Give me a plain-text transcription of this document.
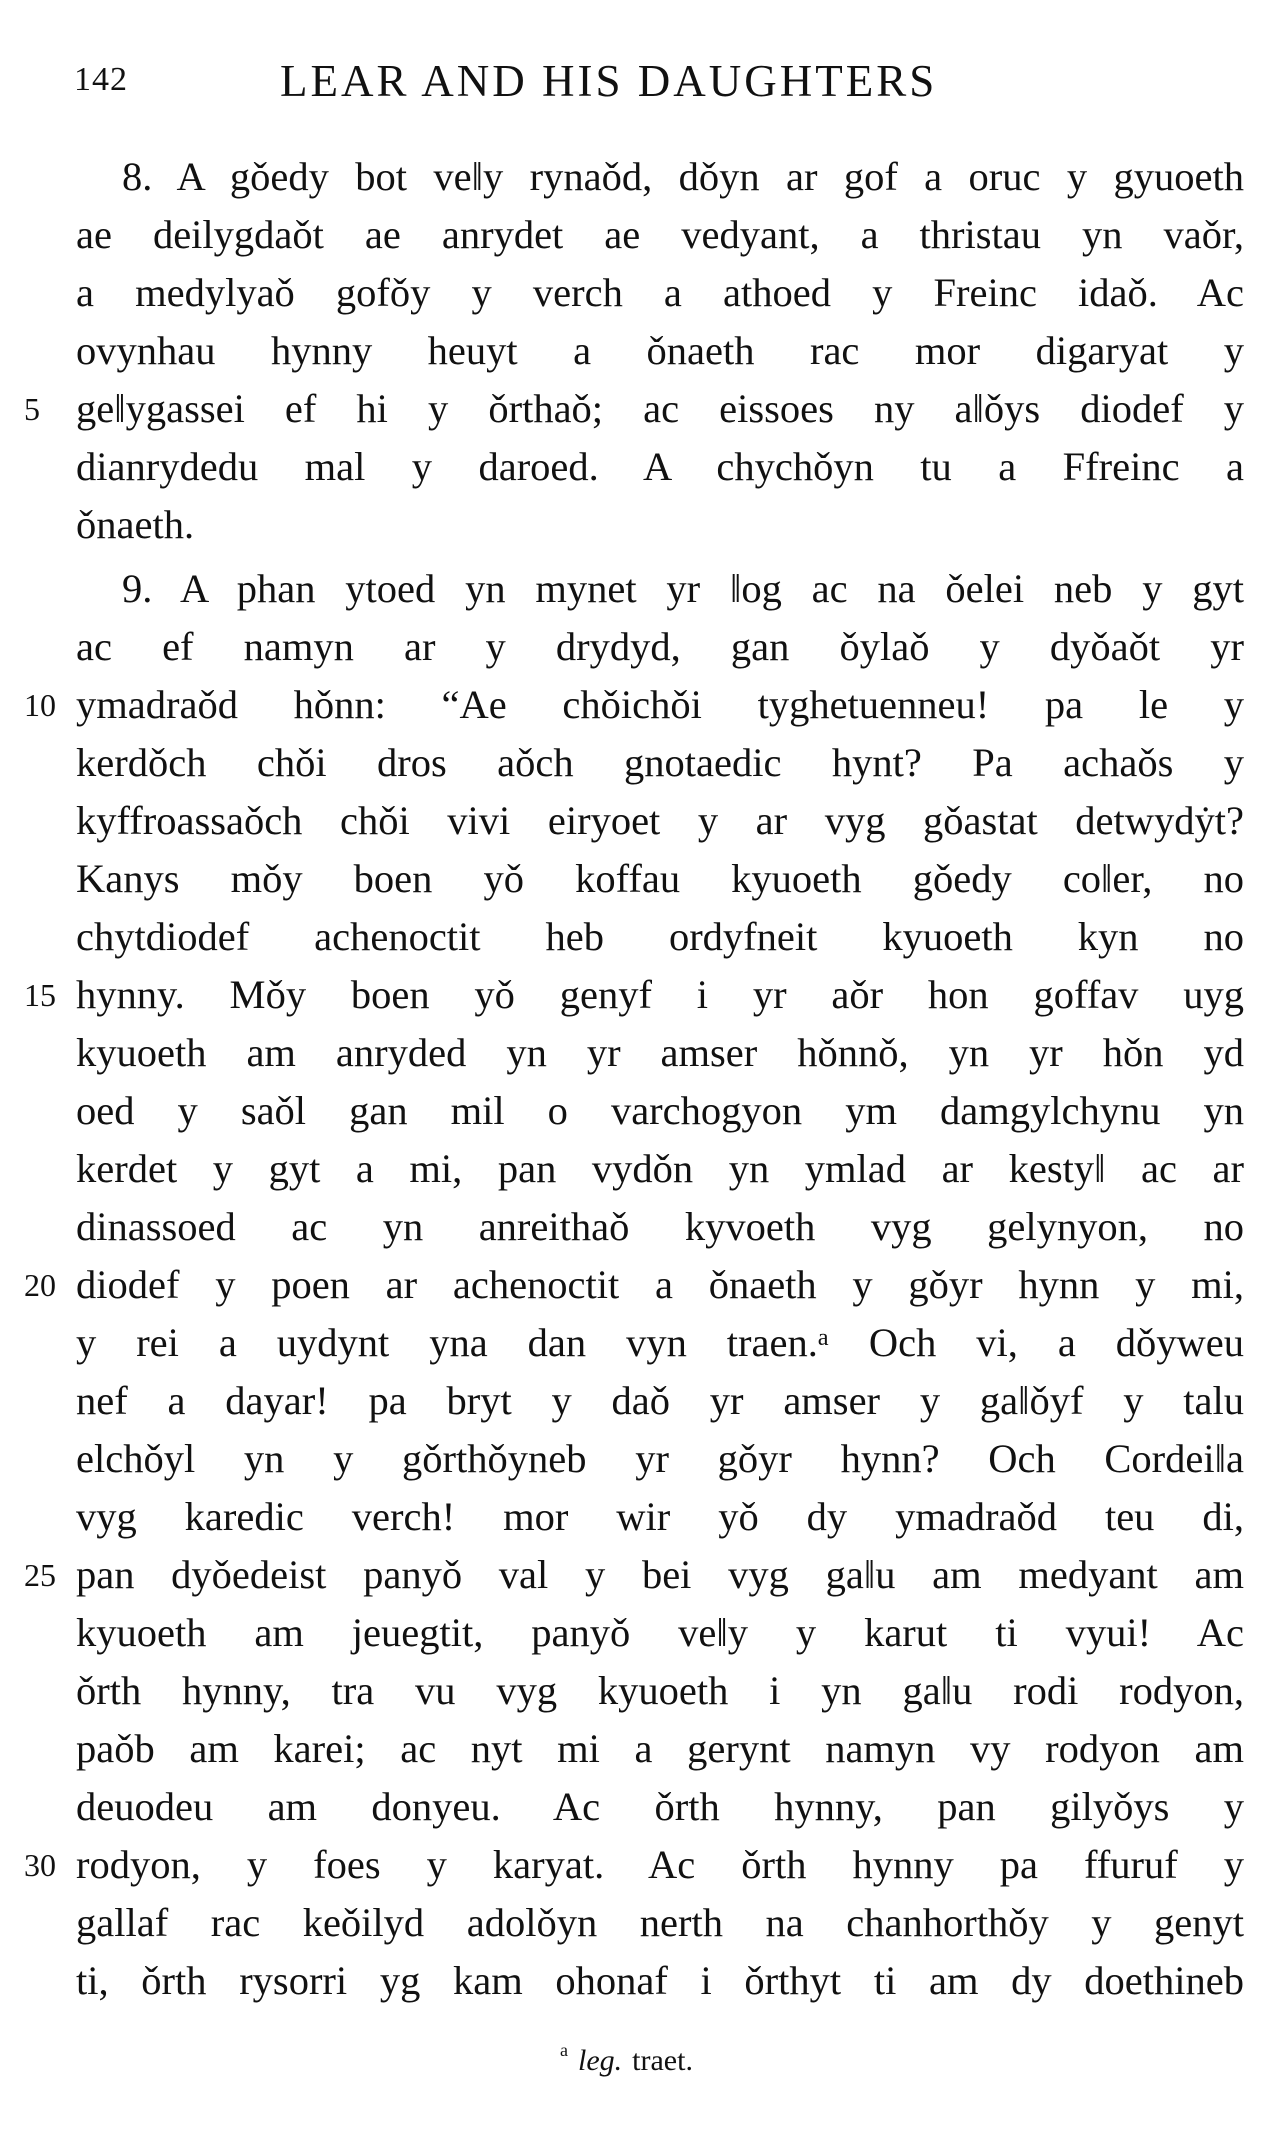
142	LEAR AND HIS DAUGHTERS
8. A gǒedy bot veǁy rynaǒd, dǒyn ar gof a oruc y gyuoeth
ae deilygdaǒt ae anrydet ae vedyant, a thristau yn vaǒr,
a medylyaǒ gofǒy y verch a athoed y Freinc idaǒ. Ac
ovynhau hynny heuyt a ǒnaeth rac mor digaryat y
geǁygassei ef hi y ǒrthaǒ; ac eissoes ny aǁǒys diodef y
dianrydedu mal y daroed. A chychǒyn tu a Ffreinc a
ǒnaeth.
9. A phan ytoed yn mynet yr ǁog ac na ǒelei neb y gyt
ac ef namyn ar y drydyd, gan ǒylaǒ y dyǒaǒt yr
ymadraǒd hǒnn: “Ae chǒichǒi tyghetuenneu! pa le y
kerdǒch chǒi dros aǒch gnotaedic hynt? Pa achaǒs y
kyffroassaǒch chǒi vivi eiryoet y ar vyg gǒastat detwydẏt?
Kanys mǒy boen yǒ koffau kyuoeth gǒedy coǁer, no
chytdiodef achenoctit heb ordyfneit kyuoeth kyn no
hynny. Mǒy boen yǒ genyf i yr aǒr hon goffav uyg
kyuoeth am anryded yn yr amser hǒnnǒ, yn yr hǒn yd
oed y saǒl gan mil o varchogyon ym damgylchynu yn
kerdet y gyt a mi, pan vydǒn yn ymlad ar kestyǁ ac ar
dinassoed ac yn anreithaǒ kyvoeth vyg gelynyon, no
diodef y poen ar achenoctit a ǒnaeth y gǒyr hynn y mi,
y rei a uydynt yna dan vyn traen.ᵃ Och vi, a dǒyweu
nef a dayar! pa bryt y daǒ yr amser y gaǁǒyf y talu
elchǒyl yn y gǒrthǒyneb yr gǒyr hynn? Och Cordeiǁa
vyg karedic verch! mor wir yǒ dy ymadraǒd teu di,
pan dyǒedeist panyǒ val y bei vyg gaǁu am medyant am
kyuoeth am jeuegtit, panyǒ veǁy y karut ti vyui! Ac
ǒrth hynny, tra vu vyg kyuoeth i yn gaǁu rodi rodyon,
paǒb am karei; ac nyt mi a gerynt namyn vy rodyon am
deuodeu am donyeu. Ac ǒrth hynny, pan gilyǒys y
rodyon, y foes y karyat. Ac ǒrth hynny pa ffuruf y
gallaf rac keǒilyd adolǒyn nerth na chanhorthǒy y genyt
ti, ǒrth rysorri yg kam ohonaf i ǒrthyt ti am dy doethineb
5
10
15
20
25
30
$^a$ leg. traet.
